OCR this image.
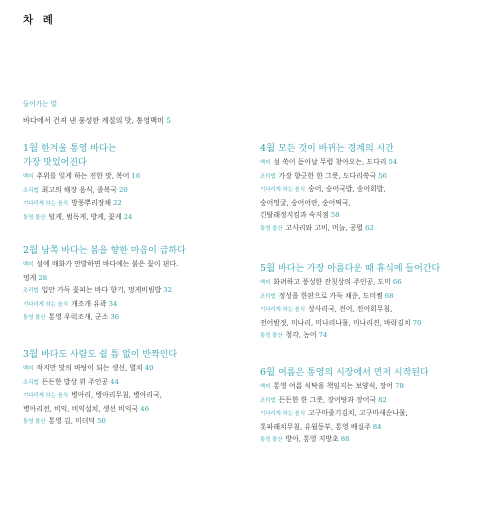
차 례
들어가는 말
바다에서 건져 낸 풍성한 계절의 맛, 통영백미 5
1월 한겨울 통영 바다는
가장 맛있어진다
백미 추위를 잊게 하는 진한 맛, 복어 16
조리법 최고의 해장 음식, 졸복국 20
기다리게 하는 음식 방풍뿌리장채 22
통영 물산 털게, 범독게, 방게, 꽃게 24
2월 남쪽 바다는 봄을 향한 마음이 급하다
백미 섬에 매화가 만발하면 바다에는 붉은 꽃이 핀다.
멍게 28
조리법 입안 가득 꽃피는 바다 향기, 멍게비빔밥 32
기다리게 하는 음식 개조개 유곽 34
통영 물산 통영 우럭조개, 군소 36
3월 바다도 사람도 쉴 틈 없이 반짝인다
백미 작지만 맛의 바탕이 되는 생선, 멸치 40
조리법 든든한 밥상 위 주인공 44
기다리게 하는 음식 병아리, 병아리무침, 병아리국,
병아리전, 비익, 비익설치, 생선 비익국 46
통영 물산 통영 김, 미더덕 50
4월 모든 것이 바뀌는 경계의 시간
백미 섬 쑥이 돋아날 무렵 찾아오는, 도다리 54
조리법 가장 향긋한 한 그릇, 도다리쑥국 56
기다리게 하는 음식 숭어, 숭어국밥, 숭어회밥,
숭어멍굴, 숭어어란, 숭어떡국,
긴탈래정지킴과 숙지점 58
통영 물산 고사리와 고비, 머늘, 공멸 62
5월 바다는 가장 아름다운 때 휴식에 들어간다
백미 화려하고 풍성한 잔칫상의 주인공, 도미 66
조리법 정성을 한판으로 가득 채운, 도미찜 68
기다리게 하는 음식 상사리국, 전어, 전어회무침,
전어밤젓, 미나리, 미나리나물, 미나리전, 바락김치 70
통영 물산 청각, 농어 74
6월 여름은 통영의 시장에서 먼저 시작된다
백미 통영 여름 식탁을 책임지는 보양식, 장어 78
조리법 든든한 한 그릇, 장어탕과 장어국 82
기다리게 하는 음식 고구마줄기김치, 고구마새순나물,
톳파래치무침, 유월동부, 통영 배실주 84
통영 물산 방아, 통영 지방초 88
